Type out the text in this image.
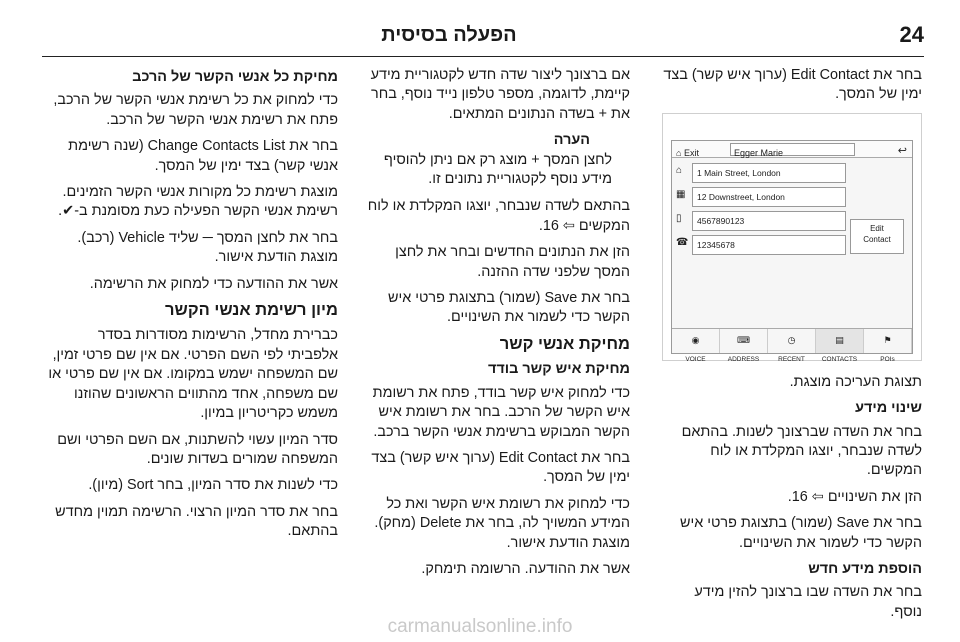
24
הפעלה בסיסית

בחר את Edit Contact (ערוך איש קשר) בצד ימין של המסך.

⌂ Exit	Egger Marie	↩
⌂	1 Main Street, London
▦	12 Downstreet, London
▯	4567890123
☎	12345678
Edit
Contact
◉
VOICE
⌨
ADDRESS
◷
RECENT
▤
CONTACTS
⚑
POIs

תצוגת העריכה מוצגת.

שינוי מידע

בחר את השדה שברצונך לשנות. בהתאם לשדה שנבחר, יוצגו המקלדת או לוח המקשים.

הזן את השינויים ⇦ 16.

בחר את Save (שמור) בתצוגת פרטי איש הקשר כדי לשמור את השינויים.

הוספת מידע חדש

בחר את השדה שבו ברצונך להזין מידע נוסף.

אם ברצונך ליצור שדה חדש לקטגוריית מידע קיימת, לדוגמה, מספר טלפון נייד נוסף, בחר את + בשדה הנתונים המתאים.

הערה

לחצן המסך + מוצג רק אם ניתן להוסיף מידע נוסף לקטגוריית נתונים זו.

בהתאם לשדה שנבחר, יוצגו המקלדת או לוח המקשים ⇦ 16.

הזן את הנתונים החדשים ובחר את לחצן המסך שלפני שדה ההזנה.

בחר את Save (שמור) בתצוגת פרטי איש הקשר כדי לשמור את השינויים.

מחיקת אנשי קשר
מחיקת איש קשר בודד

כדי למחוק איש קשר בודד, פתח את רשומת איש הקשר של הרכב. בחר את רשומת איש הקשר המבוקש ברשימת אנשי הקשר ברכב.

בחר את Edit Contact (ערוך איש קשר) בצד ימין של המסך.

כדי למחוק את רשומת איש הקשר ואת כל המידע המשויך לה, בחר את Delete (מחק). מוצגת הודעת אישור.

אשר את ההודעה. הרשומה תימחק.

מחיקת כל אנשי הקשר של הרכב

כדי למחוק את כל רשימת אנשי הקשר של הרכב, פתח את רשימת אנשי הקשר של הרכב.

בחר את Change Contacts List (שנה רשימת אנשי קשר) בצד ימין של המסך.

מוצגת רשימת כל מקורות אנשי הקשר הזמינים. רשימת אנשי הקשר הפעילה כעת מסומנת ב-✔.

בחר את לחצן המסך ─ שליד Vehicle (רכב). מוצגת הודעת אישור.

אשר את ההודעה כדי למחוק את הרשימה.

מיון רשימת אנשי הקשר

כברירת מחדל, הרשימות מסודרות בסדר אלפביתי לפי השם הפרטי. אם אין שם פרטי זמין, שם המשפחה ישמש במקומו. אם אין שם פרטי או שם משפחה, אחד מהתווים הראשונים שהוזנו משמש כקריטריון במיון.

סדר המיון עשוי להשתנות, אם השם הפרטי ושם המשפחה שמורים בשדות שונים.

כדי לשנות את סדר המיון, בחר Sort (מיון).

בחר את סדר המיון הרצוי. הרשימה תמוין מחדש בהתאם.

carmanualsonline.info
